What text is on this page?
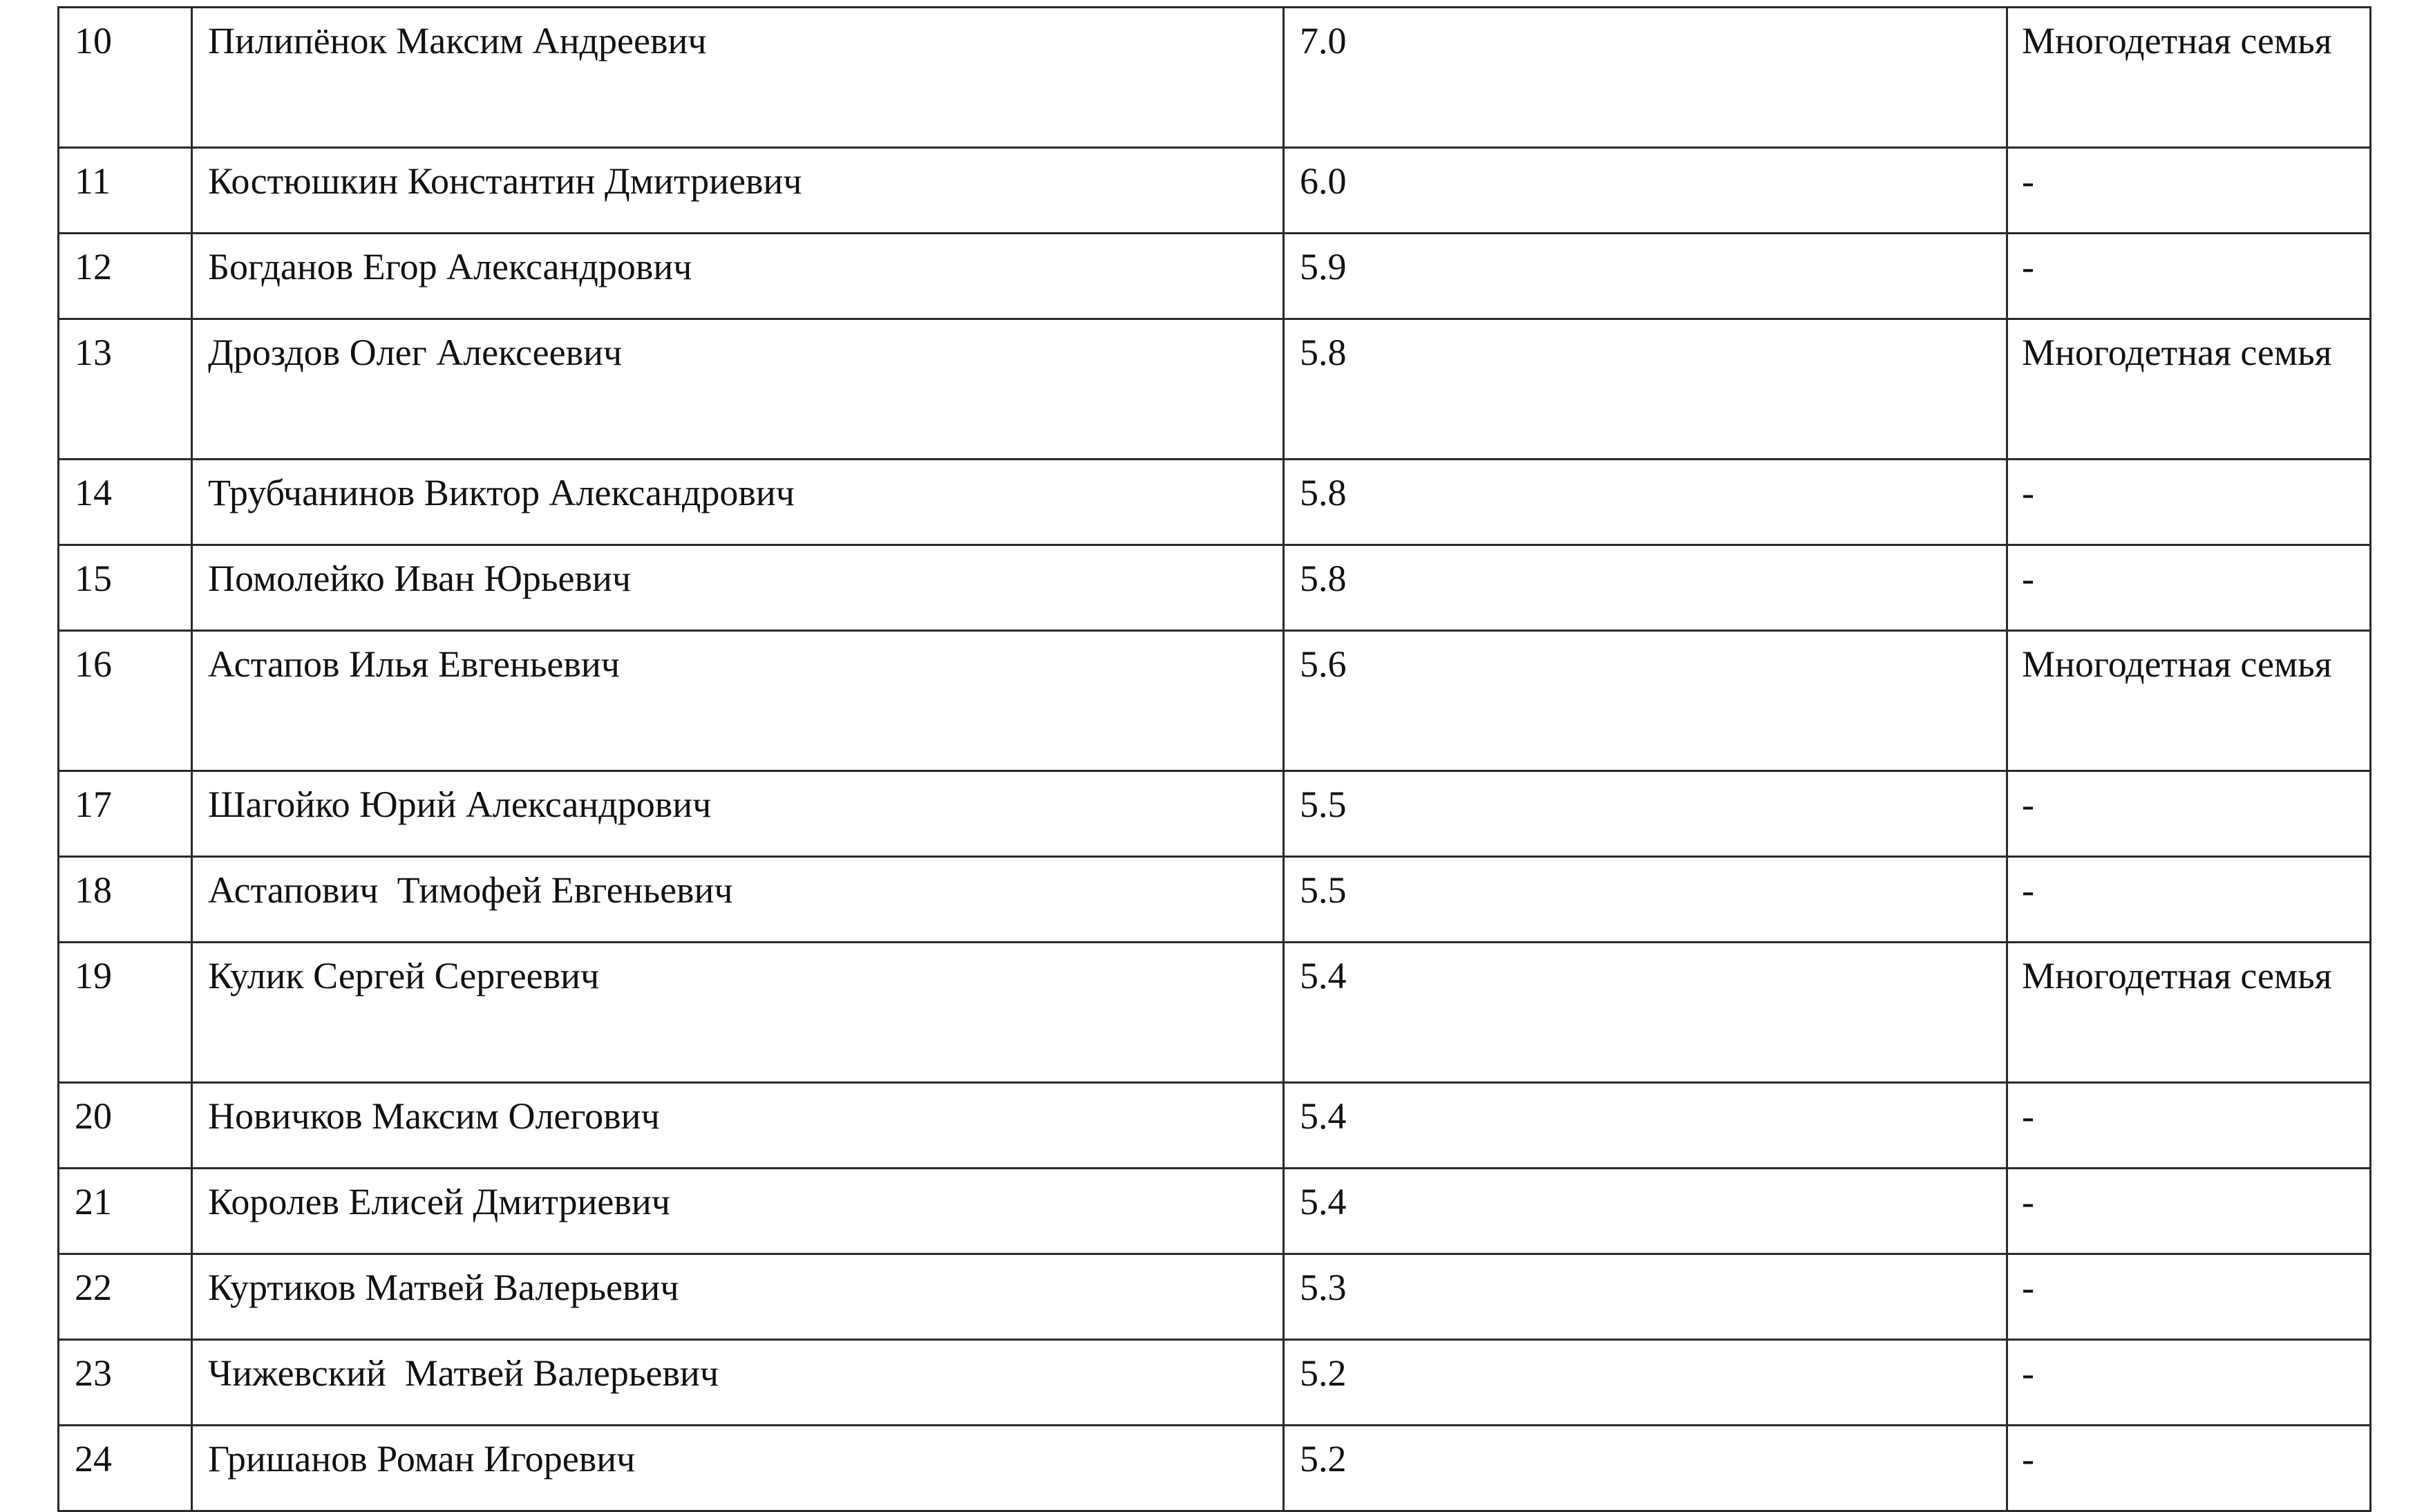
10	Пилипёнок Максим Андреевич	7.0	Многодетная семья
11	Костюшкин Константин Дмитриевич	6.0	-
12	Богданов Егор Александрович	5.9	-
13	Дроздов Олег Алексеевич	5.8	Многодетная семья
14	Трубчанинов Виктор Александрович	5.8	-
15	Помолейко Иван Юрьевич	5.8	-
16	Астапов Илья Евгеньевич	5.6	Многодетная семья
17	Шагойко Юрий Александрович	5.5	-
18	Астапович  Тимофей Евгеньевич	5.5	-
19	Кулик Сергей Сергеевич	5.4	Многодетная семья
20	Новичков Максим Олегович	5.4	-
21	Королев Елисей Дмитриевич	5.4	-
22	Куртиков Матвей Валерьевич	5.3	-
23	Чижевский  Матвей Валерьевич	5.2	-
24	Гришанов Роман Игоревич	5.2	-
